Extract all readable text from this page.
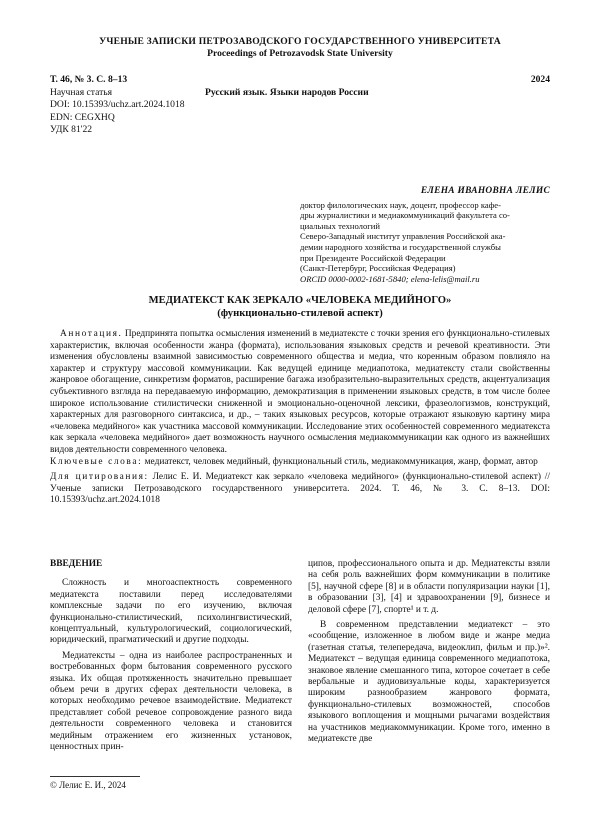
УЧЕНЫЕ ЗАПИСКИ ПЕТРОЗАВОДСКОГО ГОСУДАРСТВЕННОГО УНИВЕРСИТЕТА
Proceedings of Petrozavodsk State University
Т. 46, № 3. С. 8–13
Научная статья
DOI: 10.15393/uchz.art.2024.1018
EDN: CEGXHQ
УДК 81'22
Русский язык. Языки народов России
2024
ЕЛЕНА ИВАНОВНА ЛЕЛИС
доктор филологических наук, доцент, профессор кафе-
дры журналистики и медиакоммуникаций факультета со-
циальных технологий
Северо-Западный институт управления Российской ака-
демии народного хозяйства и государственной службы
при Президенте Российской Федерации
(Санкт-Петербург, Российская Федерация)
ORCID 0000-0002-1681-5840; elena-lelis@mail.ru
МЕДИАТЕКСТ КАК ЗЕРКАЛО «ЧЕЛОВЕКА МЕДИЙНОГО»
(функционально-стилевой аспект)
Аннотация. Предпринята попытка осмысления изменений в медиатексте с точки зрения его функционально-стилевых характеристик, включая особенности жанра (формата), использования языковых средств и речевой креативности. Эти изменения обусловлены взаимной зависимостью современного общества и медиа, что коренным образом повлияло на характер и структуру массовой коммуникации. Как ведущей единице медиапотока, медиатексту стали свойственны жанровое обогащение, синкретизм форматов, расширение багажа изобразительно-выразительных средств, акцентуализация субъективного взгляда на передаваемую информацию, демократизация в применении языковых средств, в том числе более широкое использование стилистически сниженной и эмоционально-оценочной лексики, фразеологизмов, конструкций, характерных для разговорного синтаксиса, и др., – таких языковых ресурсов, которые отражают языковую картину мира «человека медийного» как участника массовой коммуникации. Исследование этих особенностей современного медиатекста как зеркала «человека медийного» дает возможность научного осмысления медиакоммуникации как одного из важнейших видов деятельности современного человека.
Ключевые слова: медиатекст, человек медийный, функциональный стиль, медиакоммуникация, жанр, формат, автор
Для цитирования: Лелис Е. И. Медиатекст как зеркало «человека медийного» (функционально-стилевой аспект) // Ученые записки Петрозаводского государственного университета. 2024. Т. 46, № 3. С. 8–13. DOI: 10.15393/uchz.art.2024.1018
ВВЕДЕНИЕ

Сложность и многоаспектность современного медиатекста поставили перед исследователями комплексные задачи по его изучению, включая функционально-стилистический, психолингвистический, концептуальный, культурологический, социологический, юридический, прагматический и другие подходы.

Медиатексты – одна из наиболее распространенных и востребованных форм бытования современного русского языка. Их общая протяженность значительно превышает объем речи в других сферах деятельности человека, в которых необходимо речевое взаимодействие. Медиатекст представляет собой речевое сопровождение разного вида деятельности современного человека и становится медийным отражением его жизненных установок, ценностных прин-

ципов, профессионального опыта и др. Медиатексты взяли на себя роль важнейших форм коммуникации в политике [5], научной сфере [8] и в области популяризации науки [1], в образовании [3], [4] и здравоохранении [9], бизнесе и деловой сфере [7], спорте¹ и т. д.

В современном представлении медиатекст – это «сообщение, изложенное в любом виде и жанре медиа (газетная статья, телепередача, видеоклип, фильм и пр.)»². Медиатекст – ведущая единица современного медиапотока, знаковое явление смешанного типа, которое сочетает в себе вербальные и аудиовизуальные коды, характеризуется широким разнообразием жанрового формата, функционально-стилевых возможностей, способов языкового воплощения и мощными рычагами воздействия на участников медиакоммуникации. Кроме того, именно в медиатексте две

© Лелис Е. И., 2024
